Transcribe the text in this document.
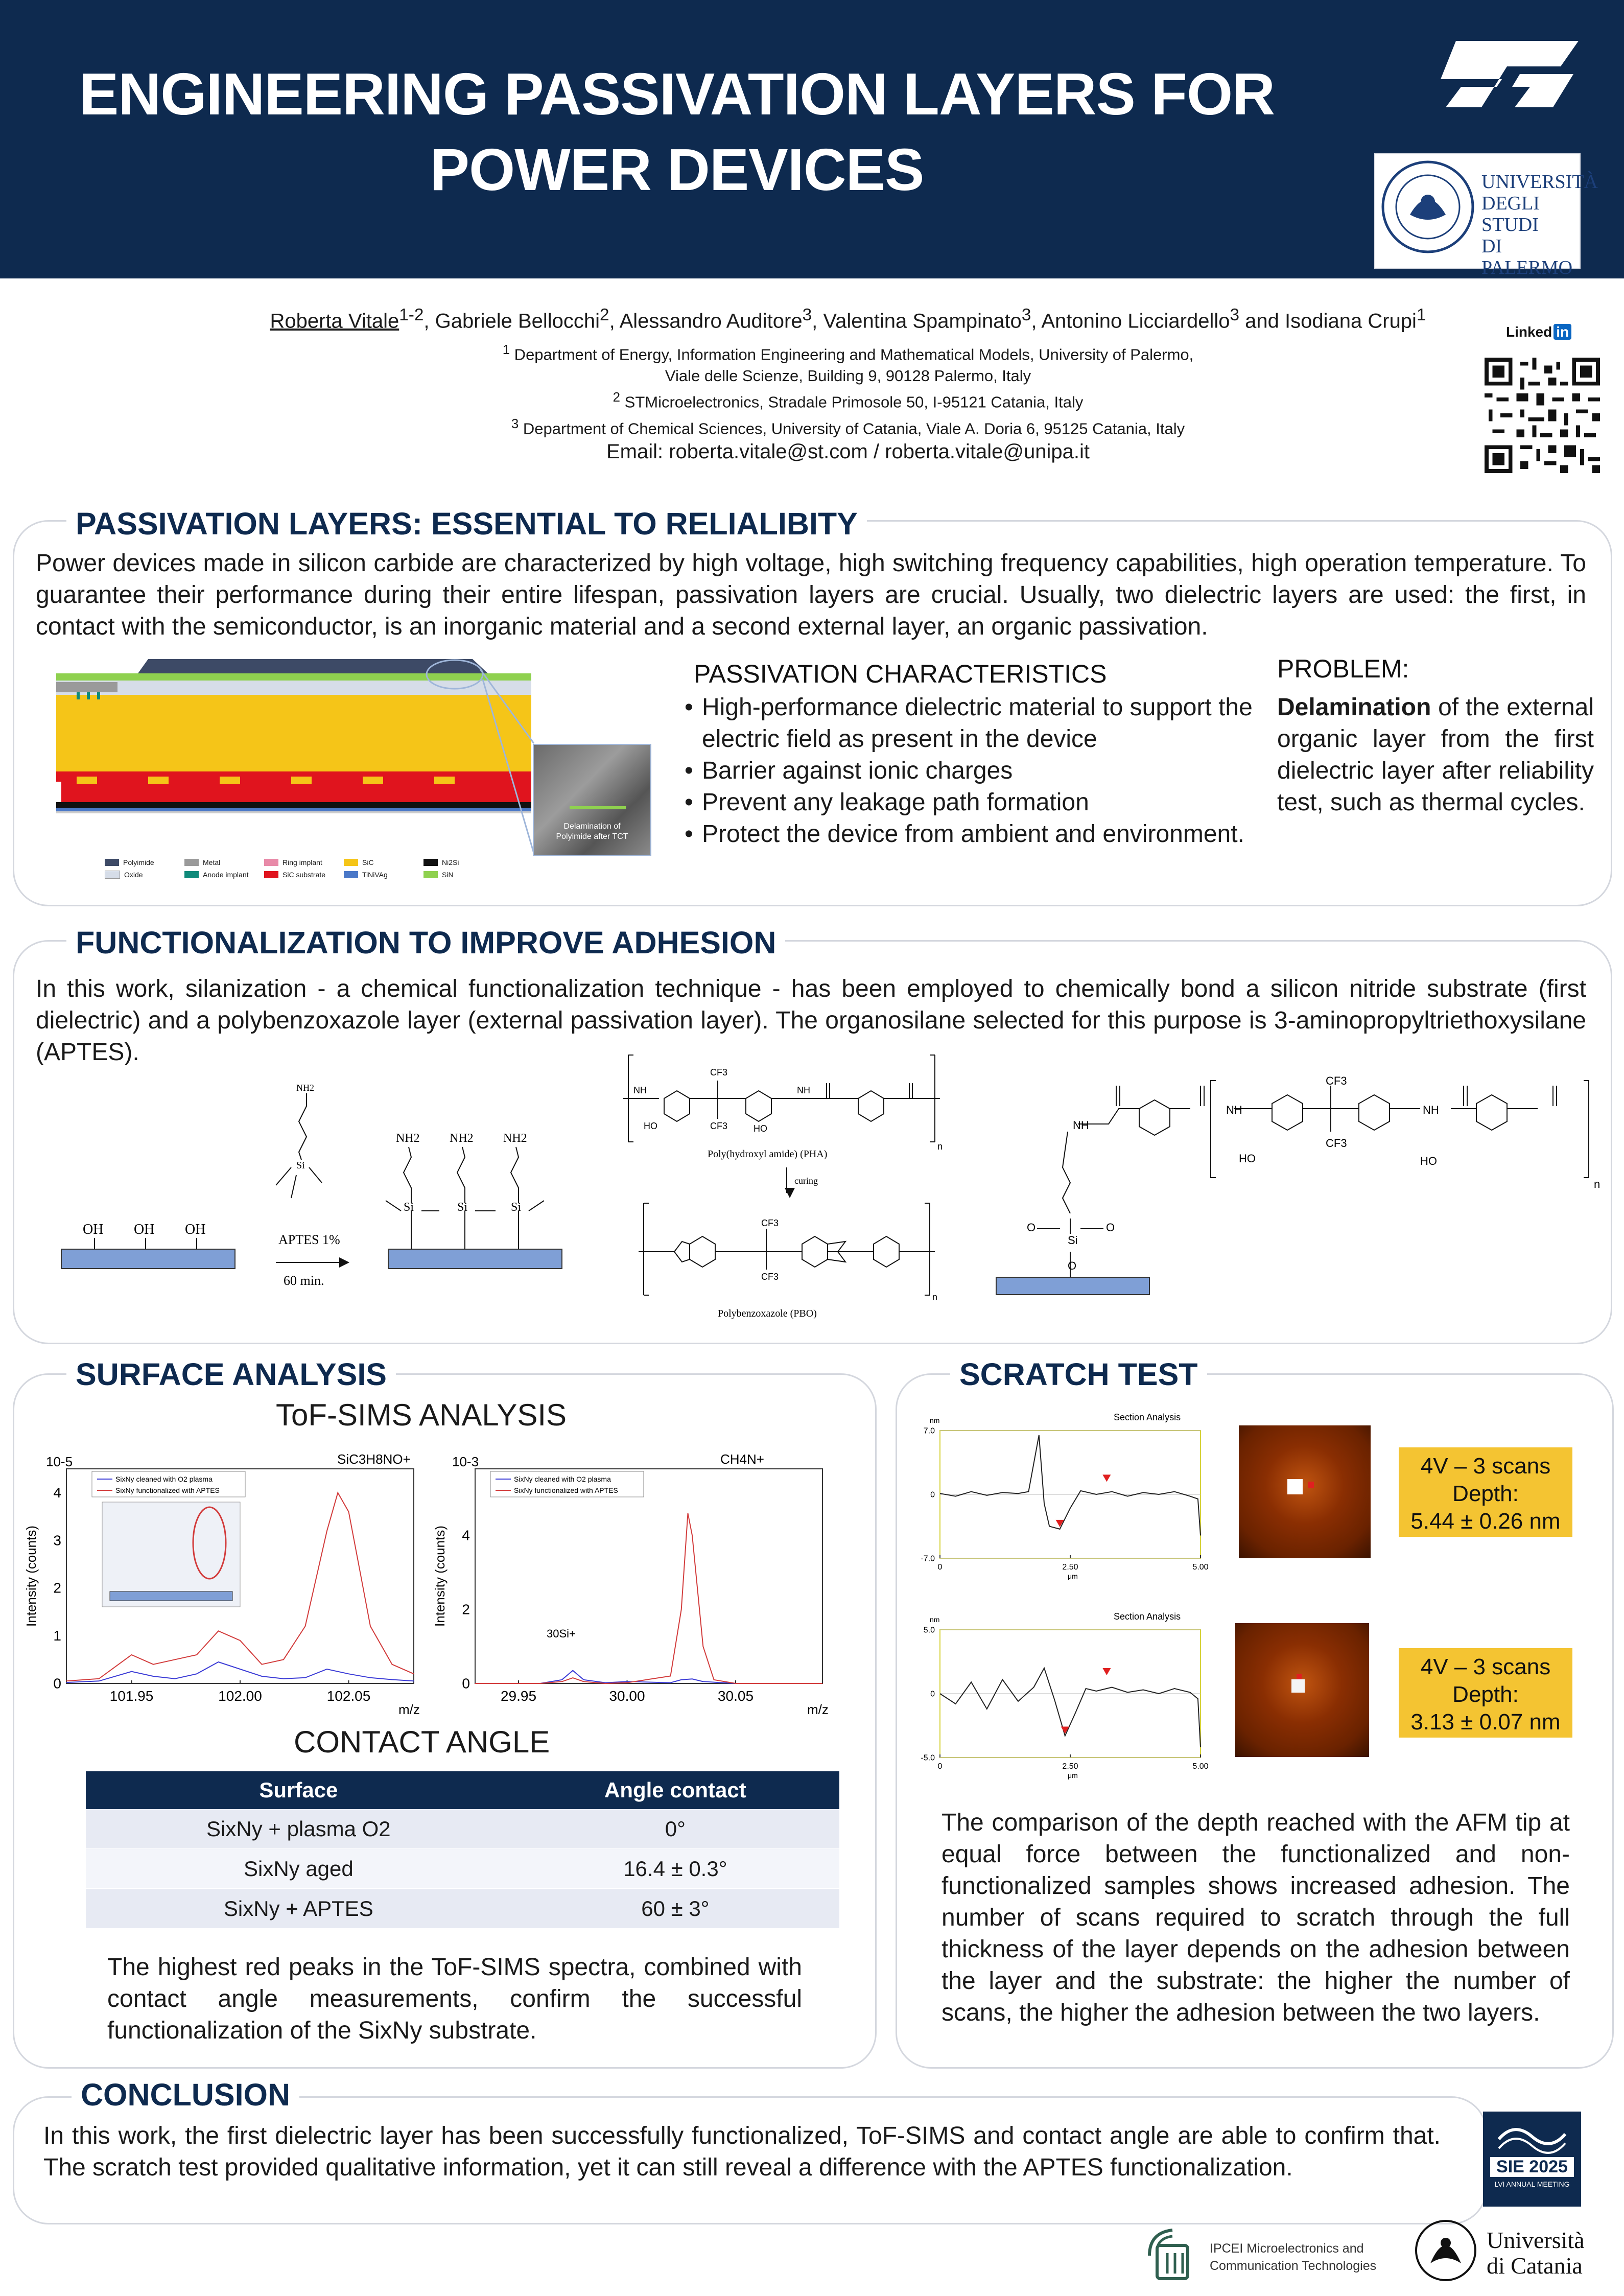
ENGINEERING PASSIVATION LAYERS FOR
POWER DEVICES	UNIVERSITÀ
DEGLI STUDI
DI PALERMO
Roberta Vitale$^{1-2}$, Gabriele Bellocchi$^2$, Alessandro Auditore$^3$, Valentina Spampinato$^3$, Antonino Licciardello$^3$ and Isodiana Crupi$^1$
$^1$ Department of Energy, Information Engineering and Mathematical Models, University of Palermo,
Viale delle Scienze, Building 9, 90128 Palermo, Italy
$^2$ STMicroelectronics, Stradale Primosole 50, I-95121 Catania, Italy
$^3$ Department of Chemical Sciences, University of Catania, Viale A. Doria 6, 95125 Catania, Italy
Email: roberta.vitale@st.com / roberta.vitale@unipa.it
Linked in
PASSIVATION LAYERS: ESSENTIAL TO RELIALIBITY
Power devices made in silicon carbide are characterized by high voltage, high switching frequency capabilities, high operation temperature. To guarantee their performance during their entire lifespan, passivation layers are crucial. Usually, two dielectric layers are used: the first, in contact with the semiconductor, is an inorganic material and a second external layer, an organic passivation.
Delamination of
Polyimide after TCT
Polyimide	Metal	Ring implant	SiC	Ni2Si
Oxide	Anode implant	SiC substrate	TiNiVAg	SiN
PASSIVATION CHARACTERISTICS
• High-performance dielectric material to support the electric field as present in the device
• Barrier against ionic charges
• Prevent any leakage path formation
• Protect the device from ambient and environment.
PROBLEM:
Delamination of the external organic layer from the first dielectric layer after reliability test, such as thermal cycles.
FUNCTIONALIZATION TO IMPROVE ADHESION
In this work, silanization - a chemical functionalization technique - has been employed to chemically bond a silicon nitride substrate (first dielectric) and a polybenzoxazole layer (external passivation layer). The organosilane selected for this purpose is 3-aminopropyltriethoxysilane (APTES).
OH OH OH
APTES 1%
60 min.
NH2
Si
Si	Si	Si
NH2 NH2 NH2
NH	NH
HO	HO
CF3
CF3
CF3
CF3
n
n
Poly(hydroxyl amide) (PHA)
curing
Polybenzoxazole (PBO)
Si
O	O
O
NH
NH	NH
CF3
CF3
HO	HO
n
SURFACE ANALYSIS
ToF-SIMS ANALYSIS
101.95	102.00	102.05
0
1
2
3
4
Intensity (counts)
m/z
10-5	SiC3H8NO+
SixNy cleaned with O2 plasma
SixNy functionalized with APTES
29.95	30.00	30.05
0
2
4
Intensity (counts)
m/z
10-3	CH4N+
30Si+
SixNy cleaned with O2 plasma
SixNy functionalized with APTES
CONTACT ANGLE
Surface	Angle contact
SixNy + plasma O2	0°
SixNy aged	16.4 ± 0.3°
SixNy + APTES	60 ± 3°
The highest red peaks in the ToF-SIMS spectra, combined with contact angle measurements, confirm the successful functionalization of the SixNy substrate.
SCRATCH TEST
0	2.50	5.00
-7.0
0
7.0
Section Analysis
nm
μm
0	2.50	5.00
-5.0
0
5.0
Section Analysis
nm
μm
4V – 3 scans
Depth:
5.44 ± 0.26 nm
4V – 3 scans
Depth:
3.13 ± 0.07 nm
The comparison of the depth reached with the AFM tip at equal force between the functionalized and non-functionalized samples shows increased adhesion. The number of scans required to scratch through the full thickness of the layer depends on the adhesion between the layer and the substrate: the higher the number of scans, the higher the adhesion between the two layers.
CONCLUSION
In this work, the first dielectric layer has been successfully functionalized, ToF-SIMS and contact angle are able to confirm that. The scratch test provided qualitative information, yet it can still reveal a difference with the APTES functionalization.	SIE 2025
LVI ANNUAL MEETING
IPCEI Microelectronics and
Communication Technologies
Università
di Catania
